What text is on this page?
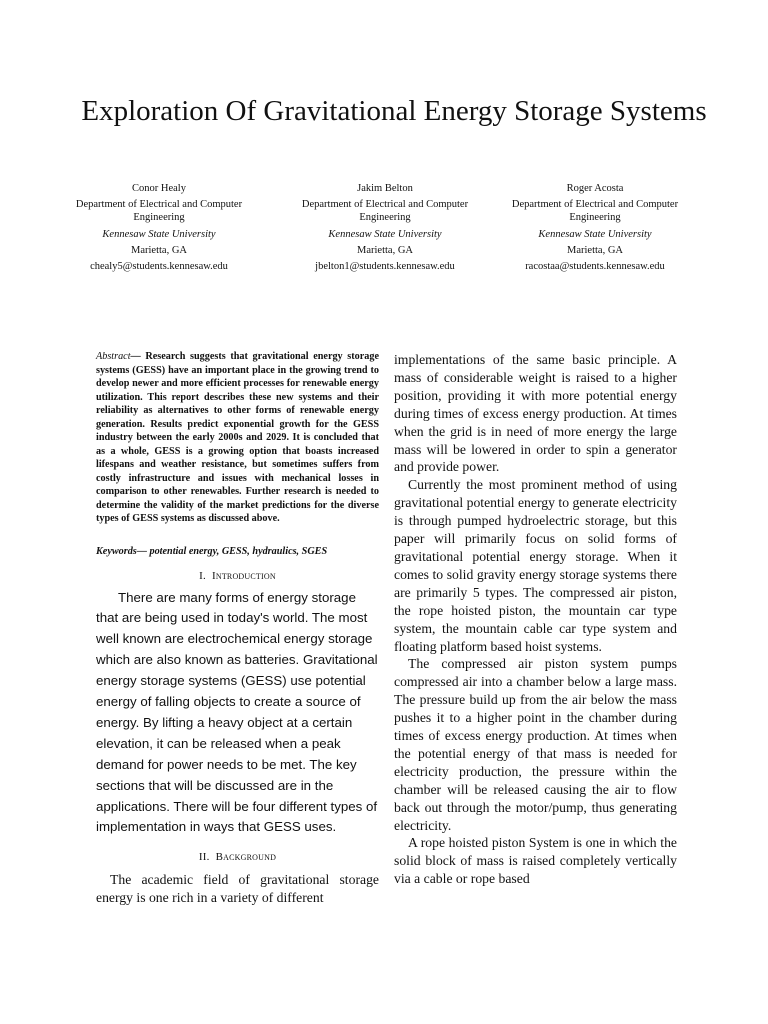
Exploration Of Gravitational Energy Storage Systems
Conor Healy
Department of Electrical and Computer Engineering
Kennesaw State University
Marietta, GA
chealy5@students.kennesaw.edu
Jakim Belton
Department of Electrical and Computer Engineering
Kennesaw State University
Marietta, GA
jbelton1@students.kennesaw.edu
Roger Acosta
Department of Electrical and Computer Engineering
Kennesaw State University
Marietta, GA
racostaa@students.kennesaw.edu

Abstract— Research suggests that gravitational energy storage systems (GESS) have an important place in the growing trend to develop newer and more efficient processes for renewable energy utilization. This report describes these new systems and their reliability as alternatives to other forms of renewable energy generation. Results predict exponential growth for the GESS industry between the early 2000s and 2029. It is concluded that as a whole, GESS is a growing option that boasts increased lifespans and weather resistance, but sometimes suffers from costly infrastructure and issues with mechanical losses in comparison to other renewables. Further research is needed to determine the validity of the market predictions for the diverse types of GESS systems as discussed above.

Keywords— potential energy, GESS, hydraulics, SGES

I. Introduction

There are many forms of energy storage that are being used in today's world. The most well known are electrochemical energy storage which are also known as batteries. Gravitational energy storage systems (GESS) use potential energy of falling objects to create a source of energy. By lifting a heavy object at a certain elevation, it can be released when a peak demand for power needs to be met. The key sections that will be discussed are in the applications. There will be four different types of implementation in ways that GESS uses.

II. Background

The academic field of gravitational storage energy is one rich in a variety of different

implementations of the same basic principle. A mass of considerable weight is raised to a higher position, providing it with more potential energy during times of excess energy production. At times when the grid is in need of more energy the large mass will be lowered in order to spin a generator and provide power.

Currently the most prominent method of using gravitational potential energy to generate electricity is through pumped hydroelectric storage, but this paper will primarily focus on solid forms of gravitational potential energy storage. When it comes to solid gravity energy storage systems there are primarily 5 types. The compressed air piston, the rope hoisted piston, the mountain car type system, the mountain cable car type system and floating platform based hoist systems.

The compressed air piston system pumps compressed air into a chamber below a large mass. The pressure build up from the air below the mass pushes it to a higher point in the chamber during times of excess energy production. At times when the potential energy of that mass is needed for electricity production, the pressure within the chamber will be released causing the air to flow back out through the motor/pump, thus generating electricity.

A rope hoisted piston System is one in which the solid block of mass is raised completely vertically via a cable or rope based
